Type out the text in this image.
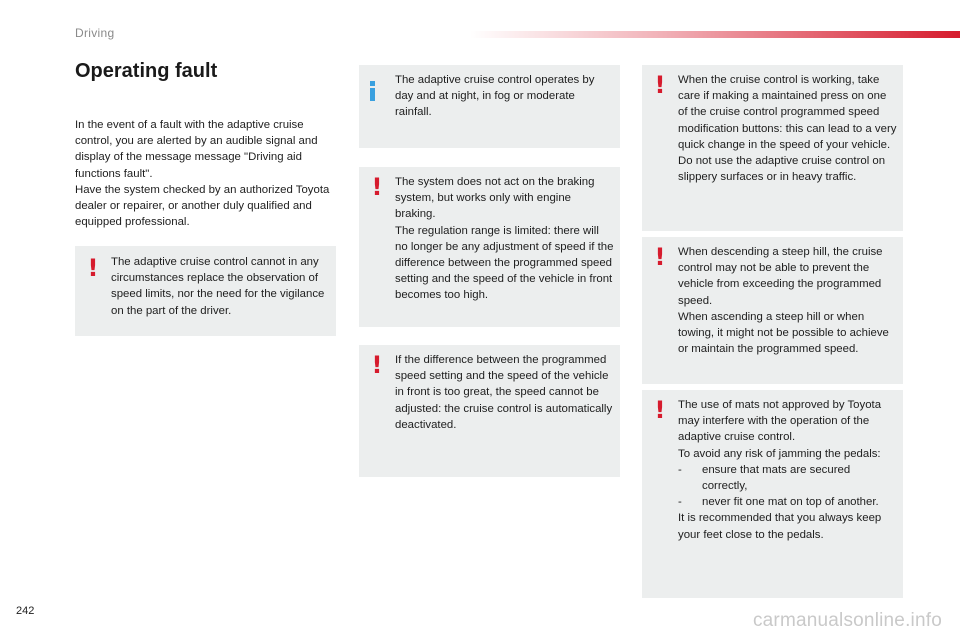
Driving
Operating fault

In the event of a fault with the adaptive cruise control, you are alerted by an audible signal and display of the message message "Driving aid functions fault".

Have the system checked by an authorized Toyota dealer or repairer, or another duly qualified and equipped professional.

!	The adaptive cruise control cannot in any circumstances replace the observation of speed limits, nor the need for the vigilance on the part of the driver.

The adaptive cruise control operates by day and at night, in fog or moderate rainfall.

!	The system does not act on the braking system, but works only with engine braking.

The regulation range is limited: there will no longer be any adjustment of speed if the difference between the programmed speed setting and the speed of the vehicle in front becomes too high.

!	If the difference between the programmed speed setting and the speed of the vehicle in front is too great, the speed cannot be adjusted: the cruise control is automatically deactivated.

!	When the cruise control is working, take care if making a maintained press on one of the cruise control programmed speed modification buttons: this can lead to a very quick change in the speed of your vehicle.

Do not use the adaptive cruise control on slippery surfaces or in heavy traffic.

!	When descending a steep hill, the cruise control may not be able to prevent the vehicle from exceeding the programmed speed.

When ascending a steep hill or when towing, it might not be possible to achieve or maintain the programmed speed.

!	The use of mats not approved by Toyota may interfere with the operation of the adaptive cruise control.

To avoid any risk of jamming the pedals:

-	ensure that mats are secured correctly,
-	never fit one mat on top of another.

It is recommended that you always keep your feet close to the pedals.

242	carmanualsonline.info
